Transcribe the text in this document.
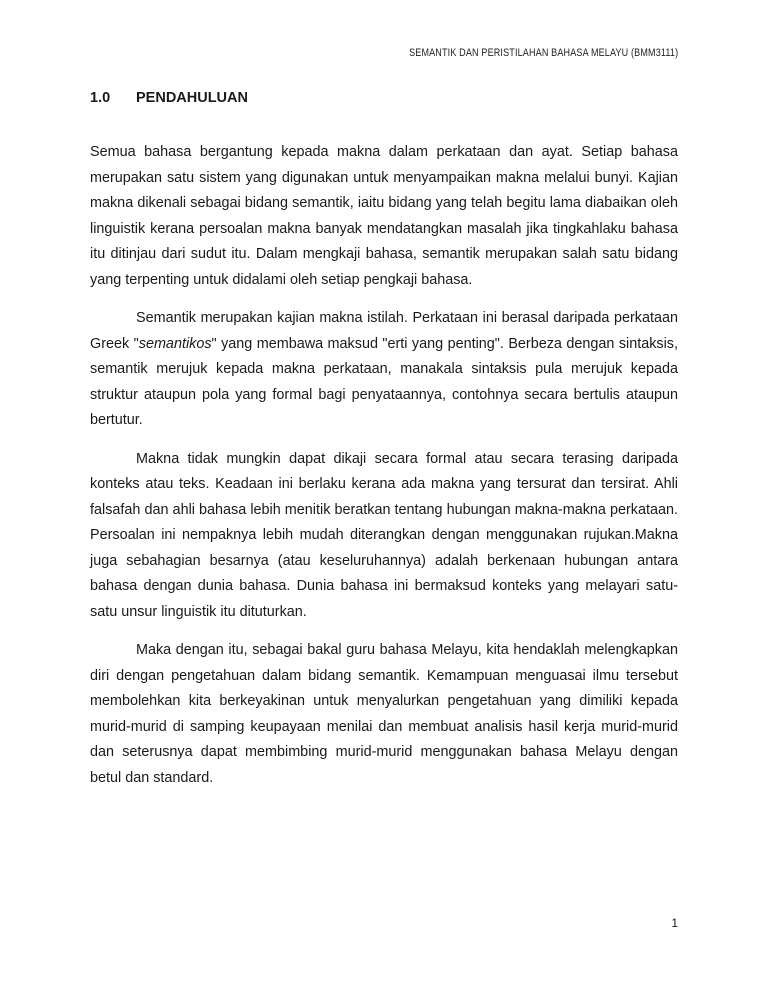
SEMANTIK DAN PERISTILAHAN BAHASA MELAYU (BMM3111)
1.0	PENDAHULUAN

Semua bahasa bergantung kepada makna dalam perkataan dan ayat. Setiap bahasa merupakan satu sistem yang digunakan untuk menyampaikan makna melalui bunyi. Kajian makna dikenali sebagai bidang semantik, iaitu bidang yang telah begitu lama diabaikan oleh linguistik kerana persoalan makna banyak mendatangkan masalah jika tingkahlaku bahasa itu ditinjau dari sudut itu. Dalam mengkaji bahasa, semantik merupakan salah satu bidang yang terpenting untuk didalami oleh setiap pengkaji bahasa.

Semantik merupakan kajian makna istilah. Perkataan ini berasal daripada perkataan Greek "semantikos" yang membawa maksud "erti yang penting". Berbeza dengan sintaksis, semantik merujuk kepada makna perkataan, manakala sintaksis pula merujuk kepada struktur ataupun pola yang formal bagi penyataannya, contohnya secara bertulis ataupun bertutur.

Makna tidak mungkin dapat dikaji secara formal atau secara terasing daripada konteks atau teks. Keadaan ini berlaku kerana ada makna yang tersurat dan tersirat. Ahli falsafah dan ahli bahasa lebih menitik beratkan tentang hubungan makna-makna perkataan. Persoalan ini nempaknya lebih mudah diterangkan dengan menggunakan rujukan.Makna juga sebahagian besarnya (atau keseluruhannya) adalah berkenaan hubungan antara bahasa dengan dunia bahasa. Dunia bahasa ini bermaksud konteks yang melayari satu-satu unsur linguistik itu dituturkan.

Maka dengan itu, sebagai bakal guru bahasa Melayu, kita hendaklah melengkapkan diri dengan pengetahuan dalam bidang semantik. Kemampuan menguasai ilmu tersebut membolehkan kita berkeyakinan untuk menyalurkan pengetahuan yang dimiliki kepada murid-murid di samping keupayaan menilai dan membuat analisis hasil kerja murid-murid dan seterusnya dapat membimbing murid-murid menggunakan bahasa Melayu dengan betul dan standard.

1
